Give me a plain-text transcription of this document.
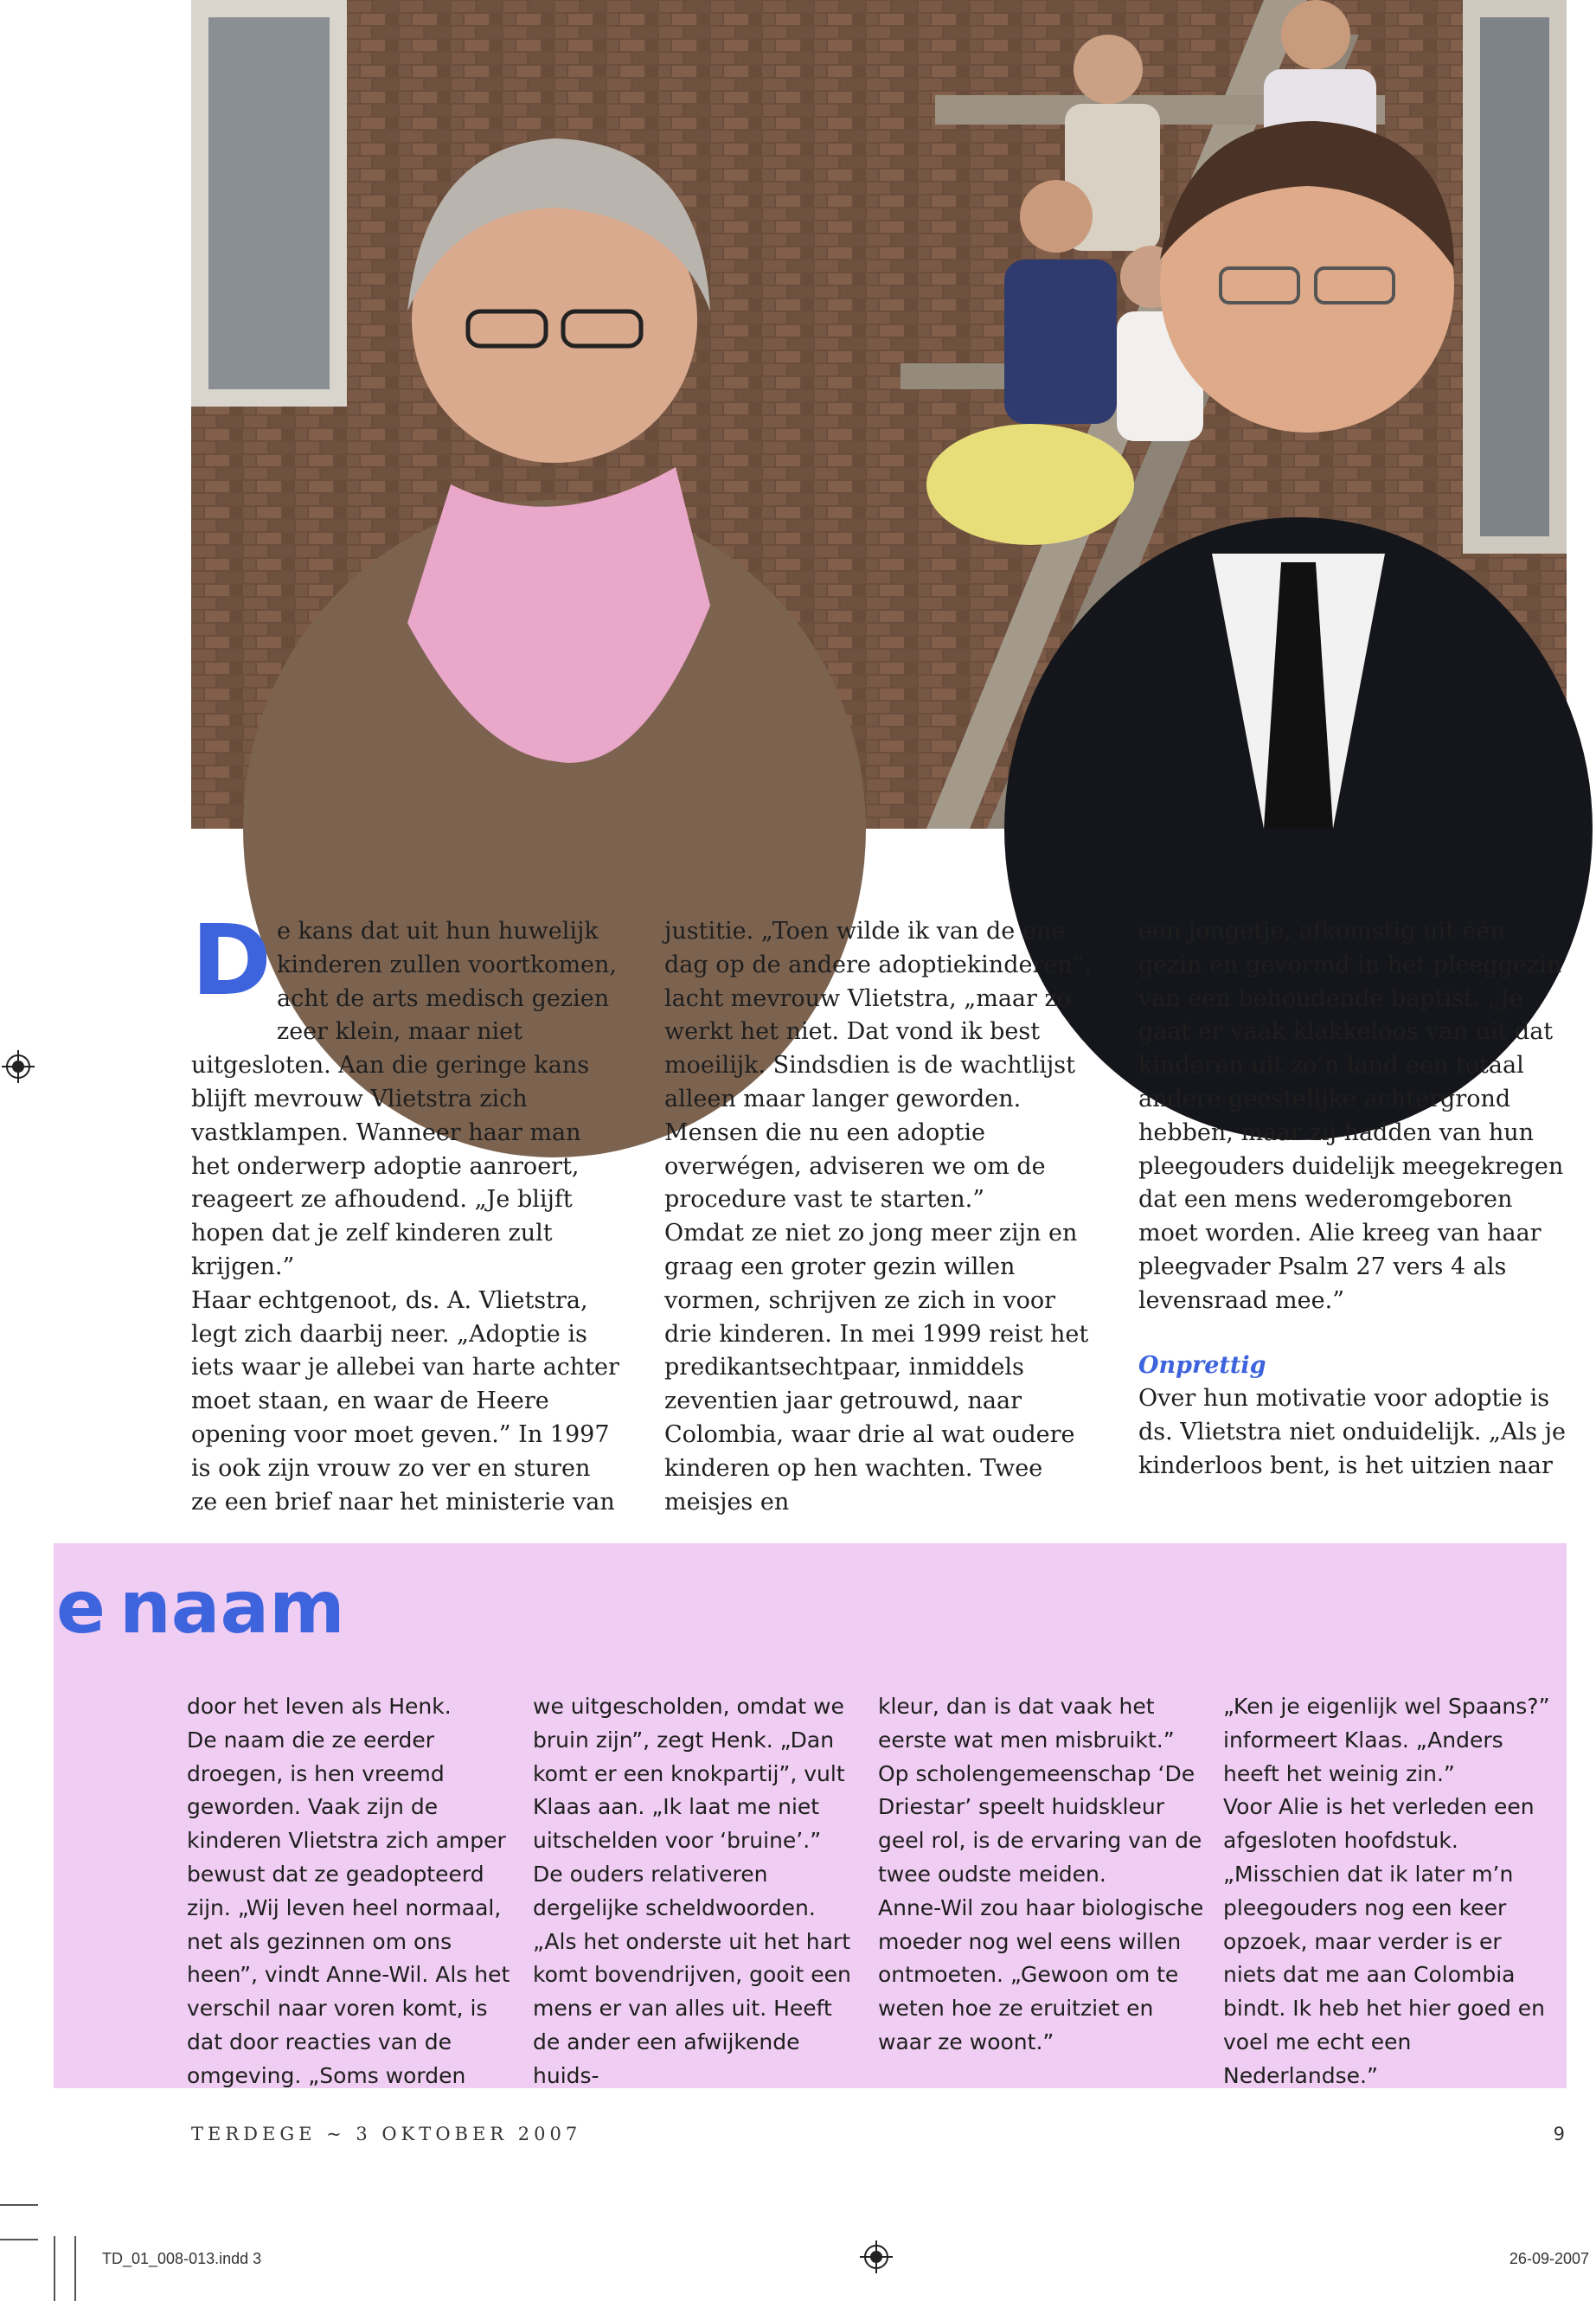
De kans dat uit hun huwelijk kinderen zullen voortkomen, acht de arts medisch gezien zeer klein, maar niet uitgesloten. Aan die geringe kans blijft mevrouw Vlietstra zich vastklampen. Wanneer haar man het onderwerp adoptie aanroert, reageert ze afhoudend. „Je blijft hopen dat je zelf kinderen zult krijgen.”

Haar echtgenoot, ds. A. Vlietstra, legt zich daarbij neer. „Adoptie is iets waar je allebei van harte achter moet staan, en waar de Heere opening voor moet geven.” In 1997 is ook zijn vrouw zo ver en sturen ze een brief naar het ministerie van

justitie. „Toen wilde ik van de ene dag op de andere adoptiekinderen”, lacht mevrouw Vlietstra, „maar zo werkt het niet. Dat vond ik best moeilijk. Sindsdien is de wachtlijst alleen maar langer geworden. Mensen die nu een adoptie overwégen, adviseren we om de procedure vast te starten.”

Omdat ze niet zo jong meer zijn en graag een groter gezin willen vormen, schrijven ze zich in voor drie kinderen. In mei 1999 reist het predikantsechtpaar, inmiddels zeventien jaar getrouwd, naar Colombia, waar drie al wat oudere kinderen op hen wachten. Twee meisjes en

een jongetje, afkomstig uit één gezin en gevormd in het pleeggezin van een behoudende baptist. „Je gaat er vaak klakkeloos van uit dat kinderen uit zo’n land een totaal andere geestelijke achtergrond hebben, maar zij hadden van hun pleegouders duidelijk meegekregen dat een mens wederomgeboren moet worden. Alie kreeg van haar pleegvader Psalm 27 vers 4 als levensraad mee.”

Onprettig

Over hun motivatie voor adoptie is ds. Vlietstra niet onduidelijk. „Als je kinderloos bent, is het uitzien naar

e naam

door het leven als Henk.

De naam die ze eerder droegen, is hen vreemd geworden. Vaak zijn de kinderen Vlietstra zich amper bewust dat ze geadopteerd zijn. „Wij leven heel normaal, net als gezinnen om ons heen”, vindt Anne-Wil. Als het verschil naar voren komt, is dat door reacties van de omgeving. „Soms worden

we uitgescholden, omdat we bruin zijn”, zegt Henk. „Dan komt er een knokpartij”, vult Klaas aan. „Ik laat me niet uitschelden voor ‘bruine’.”

De ouders relativeren dergelijke scheldwoorden. „Als het onderste uit het hart komt bovendrijven, gooit een mens er van alles uit. Heeft de ander een afwijkende huids-

kleur, dan is dat vaak het eerste wat men misbruikt.”

Op scholengemeenschap ‘De Driestar’ speelt huidskleur geel rol, is de ervaring van de twee oudste meiden.

Anne-Wil zou haar biologische moeder nog wel eens willen ontmoeten. „Gewoon om te weten hoe ze eruitziet en waar ze woont.”

„Ken je eigenlijk wel Spaans?” informeert Klaas. „Anders heeft het weinig zin.”

Voor Alie is het verleden een afgesloten hoofdstuk. „Misschien dat ik later m’n pleegouders nog een keer opzoek, maar verder is er niets dat me aan Colombia bindt. Ik heb het hier goed en voel me echt een Nederlandse.”

TERDEGE ~ 3 OKTOBER 2007	9
TD_01_008-013.indd 3	26-09-2007
